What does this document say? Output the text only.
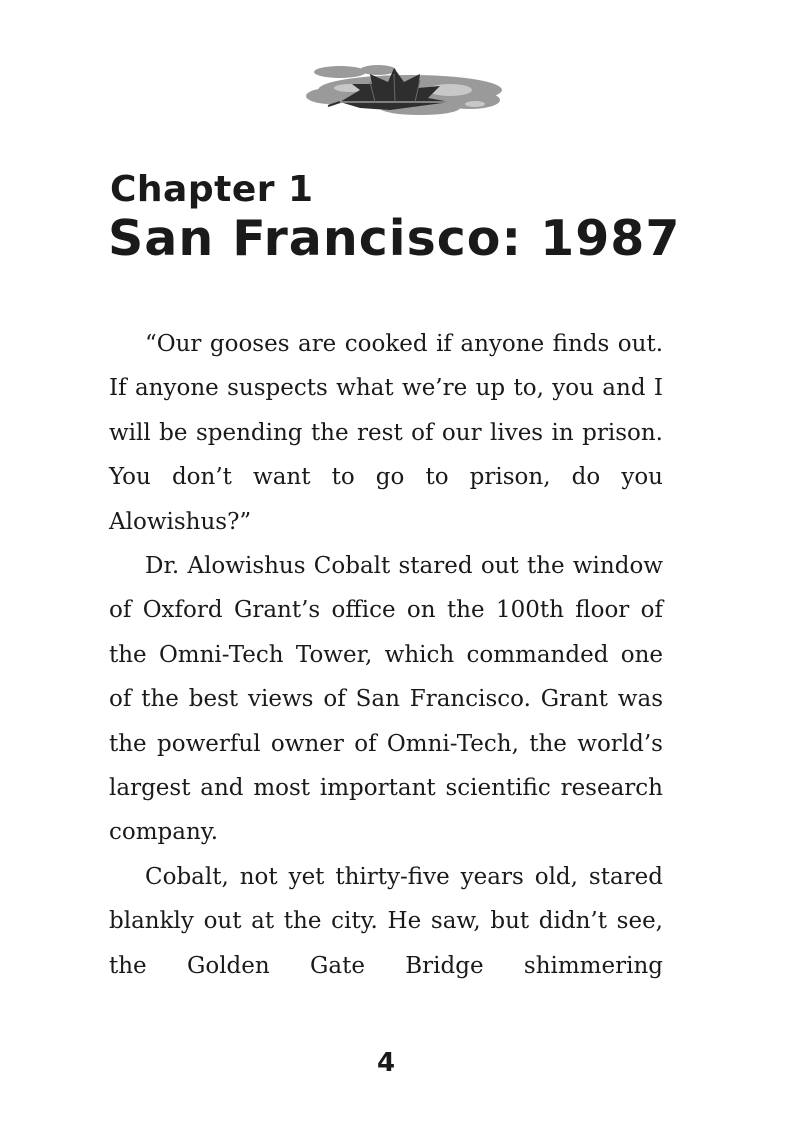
Chapter 1
San Francisco: 1987

“Our gooses are cooked if anyone finds out. If anyone suspects what we’re up to, you and I will be spending the rest of our lives in prison. You don’t want to go to prison, do you Alowishus?”

Dr. Alowishus Cobalt stared out the window of Oxford Grant’s office on the 100th floor of the Omni-Tech Tower, which commanded one of the best views of San Francisco. Grant was the powerful owner of Omni-Tech, the world’s largest and most important scientific research company.

Cobalt, not yet thirty-five years old, stared blankly out at the city. He saw, but didn’t see, the Golden Gate Bridge shimmering

4
